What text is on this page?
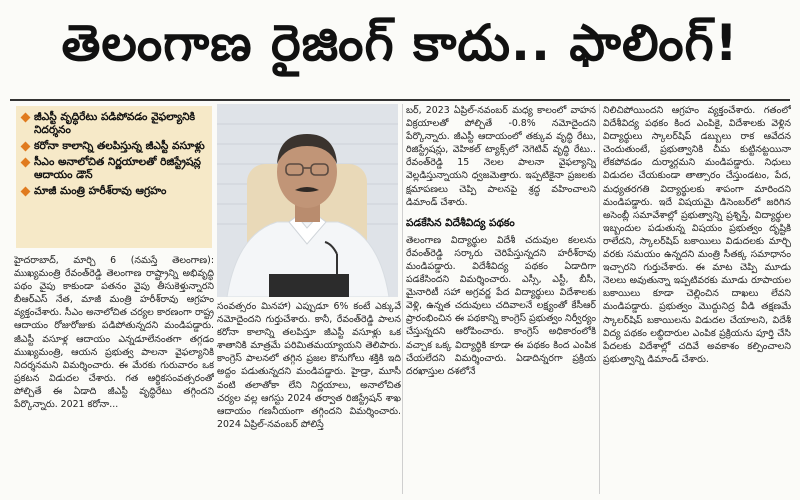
తెలంగాణ రైజింగ్ కాదు.. ఫాలింగ్!
జీఎస్టీ వృద్ధిరేటు పడిపోవడం వైఫల్యానికి నిదర్శనం
కరోనా కాలాన్ని తలపిస్తున్న జీఎస్టీ వసూళ్లు
సీఎం అనాలోచిత నిర్ణయాలతో రిజిస్ట్రేషన్ల ఆదాయం డౌన్
మాజీ మంత్రి హరీశ్‌రావు ఆగ్రహం

హైదరాబాద్, మార్చి 6 (నమస్తే తెలంగాణ): ముఖ్యమంత్రి రేవంత్‌రెడ్డి తెలంగాణ రాష్ట్రాన్ని అభివృద్ధి పథం వైపు కాకుండా పతనం వైపు తీసుకెళ్తున్నారని బీఆర్‌ఎస్ నేత, మాజీ మంత్రి హరీశ్‌రావు ఆగ్రహం వ్యక్తంచేశారు. సీఎం అనాలోచిత చర్యల కారణంగా రాష్ట్ర ఆదాయం రోజురోజుకు పడిపోతున్నదని మండిపడ్డారు. జీఎస్టీ వసూళ్ల ఆదాయం ఎన్నడూలేనంతగా తగ్గడం ముఖ్యమంత్రి, ఆయన ప్రభుత్వ పాలనా వైఫల్యానికి నిదర్శనమని విమర్శించారు. ఈ మేరకు గురువారం ఒక ప్రకటన విడుదల చేశారు. గత ఆర్థికసంవత్సరంతో పోల్చితే ఈ ఏడాది జీఎస్టీ వృద్ధిరేటు తగ్గిందని పేర్కొన్నారు. 2021 కరోనా...

సంవత్సరం మినహా) ఎప్పుడూ 6% కంటే ఎక్కువే నమోదైందని గుర్తుచేశారు. కానీ, రేవంత్‌రెడ్డి పాలన కరోనా కాలాన్ని తలపిస్తూ జీఎస్టీ వసూళ్లు ఒక శాతానికి మాత్రమే పరిమితమయ్యాయని తెలిపారు. కాంగ్రెస్ పాలనలో తగ్గిన ప్రజల కొనుగోలు శక్తికి ఇది అద్దం పడుతున్నదని మండిపడ్డారు. హైడ్రా, మూసీ వంటి తలాతోకా లేని నిర్ణయాలు, అనాలోచిత చర్యల వల్ల ఆగస్టు 2024 తర్వాత రిజిస్ట్రేషన్ శాఖ ఆదాయం గణనీయంగా తగ్గిందని విమర్శించారు. 2024 ఏప్రిల్-నవంబర్ పోలిస్తే

బర్, 2023 ఏప్రిల్-నవంబర్ మధ్య కాలంలో వాహన విక్రయాలతో పోల్చితే -0.8% నమోదైందని పేర్కొన్నారు. జీఎస్టీ ఆదాయంలో తక్కువ వృద్ధి రేటు, రిజిస్ట్రేషన్లు, వెహికల్ ట్యాక్స్‌లో నెగెటివ్ వృద్ధి రేటు.. రేవంత్‌రెడ్డి 15 నెలల పాలనా వైఫల్యాన్ని వెల్లడిస్తున్నాయని ధ్వజమెత్తారు. ఇప్పటికైనా ప్రజలకు క్షమాపణలు చెప్పి పాలనపై శ్రద్ధ వహించాలని డిమాండ్ చేశారు.

పడకేసిన విదేశీవిద్య పథకం

తెలంగాణ విద్యార్థుల విదేశీ చదువుల కలలను రేవంత్‌రెడ్డి సర్కారు చెరిపేస్తున్నదని హరీశ్‌రావు మండిపడ్డారు. విదేశీవిద్య పథకం ఏడాదిగా పడకేసిందని విమర్శించారు. ఎస్సీ, ఎస్టీ, బీసీ, మైనారిటీ సహా అగ్రవర్ణ పేద విద్యార్థులు విదేశాలకు వెళ్లి, ఉన్నత చదువులు చదివాలనే లక్ష్యంతో కేసీఆర్ ప్రారంభించిన ఈ పథకాన్ని కాంగ్రెస్ ప్రభుత్వం నిర్వీర్యం చేస్తున్నదని ఆరోపించారు. కాంగ్రెస్ అధికారంలోకి వచ్చాక ఒక్క విద్యార్థికి కూడా ఈ పథకం కింద ఎంపిక చేయలేదని విమర్శించారు. ఏడాదిన్నరగా ప్రక్రియ దరఖాస్తుల దశలోనే

నిలిచిపోయిందని ఆగ్రహం వ్యక్తంచేశారు. గతంలో విదేశీవిద్య పథకం కింద ఎంపికై, విదేశాలకు వెళ్లిన విద్యార్థులు స్కాలర్‌షిప్ డబ్బులు రాక ఆవేదన చెందుతుంటే, ప్రభుత్వానికి చీమ కుట్టినట్టయినా లేకపోవడం దుర్మార్గమని మండిపడ్డారు. నిధులు విడుదల చేయకుండా తాత్సారం చేస్తుండటం, పేద, మధ్యతరగతి విద్యార్థులకు శాపంగా మారిందని మండిపడ్డారు. ఇదే విషయమై డిసెంబర్‌లో జరిగిన అసెంబ్లీ సమావేశాల్లో ప్రభుత్వాన్ని ప్రశ్నిస్తే, విద్యార్థుల ఇబ్బందుల పడుతున్న విషయం ప్రభుత్వం దృష్టికి రాలేదని, స్కాలర్‌షిప్ బకాయిలు విడుదలకు మార్చి వరకు సమయం ఉన్నదని మంత్రి సీతక్క సమాధానం ఇచ్చారని గుర్తుచేశారు. ఈ మాట చెప్పి మూడు నెలలు అవుతున్నా ఇప్పటివరకు మూడు రూపాయల బకాయిలు కూడా చెల్లించిన దాఖలు లేవని మండిపడ్డారు. ప్రభుత్వం మొద్దునిద్ర వీడి తక్షణమే స్కాలర్‌షిప్ బకాయిలను విడుదల చేయాలని, విదేశీ విద్య పథకం లబ్ధిదారుల ఎంపిక ప్రక్రియను పూర్తి చేసి పేదలకు విదేశాల్లో చదివే అవకాశం కల్పించాలని ప్రభుత్వాన్ని డిమాండ్ చేశారు.
